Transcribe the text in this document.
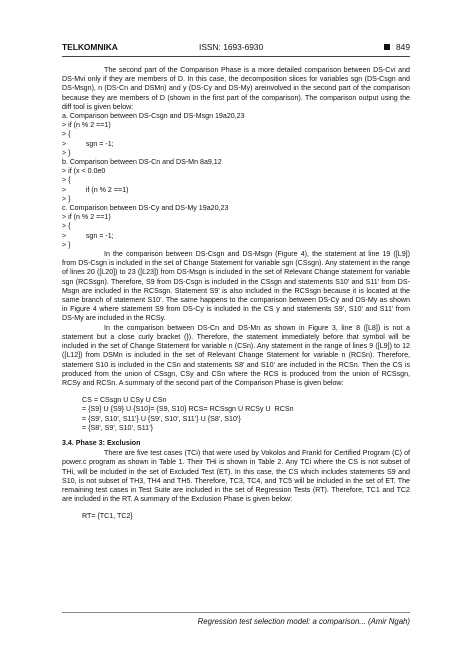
TELKOMNIKA	ISSN: 1693-6930	849

The second part of the Comparison Phase is a more detailed comparison between DS-Cvi and DS-Mvi only if they are members of D. In this case, the decomposition slices for variables sgn (DS-Csgn and DS-Msgn), n (DS-Cn and DSMn) and y (DS-Cy and DS-My) areinvolved in the second part of the comparison because they are members of D (shown in the first part of the comparison). The comparison output using the diff tool is given below:

a. Comparison between DS-Csgn and DS-Msgn 19a20,23
> if (n % 2 ==1)
> {
>          sgn = -1;
> }
b. Comparison between DS-Cn and DS-Mn 8a9,12
> if (x < 0.0e0
> {
>          if (n % 2 ==1)
> }
c. Comparison between DS-Cy and DS-My 19a20,23
> if (n % 2 ==1)
> {
>          sgn = -1;
> }

In the comparison between DS-Csgn and DS-Msgn (Figure 4), the statement at line 19 ([L9]) from DS-Csgn is included in the set of Change Statement for variable sgn (CSsgn). Any statement in the range of lines 20 ([L20]) to 23 ([L23]) from DS-Msgn is included in the set of Relevant Change statement for variable sgn (RCSsgn). Therefore, S9 from DS-Csgn is included in the CSsgn and statements S10’ and S11’ from DS-Msgn are included in the RCSsgn. Statement S9’ is also included in the RCSsgn because it is located at the same branch of statement S10’. The same happens to the comparison between DS-Cy and DS-My as shown in Figure 4 where statement S9 from DS-Cy is included in the CS y and statements S9’, S10’ and S11’ from DS-My are included in the RCSy.

In the comparison between DS-Cn and DS-Mn as shown in Figure 3, line 8 ([L8]) is not a statement but a close curly bracket (}). Therefore, the statement immediately before that symbol will be included in the set of Change Statement for variable n (CSn). Any statement in the range of lines 9 ([L9]) to 12 ([L12]) from DSMn is included in the set of Relevant Change Statement for variable n (RCSn). Therefore, statement S10 is included in the CSn and statements S8’ and S10’ are included in the RCSn. Then the CS is produced from the union of CSsgn, CSy and CSn where the RCS is produced from the union of RCSsgn, RCSy and RCSn. A summary of the second part of the Comparison Phase is given below:

CS = CSsgn U CSy U CSn
= {S9} U {S9} U {S10}= {S9, S10} RCS= RCSsgn U RCSy U  RCSn
= {S9’, S10’, S11’} U {S9’, S10’, S11’} U {S8’, S10’}
= {S8’, S9’, S10’, S11’}
3.4. Phase 3: Exclusion

There are five test cases (TCi) that were used by Vokolos and Frankl for Certified Program (C) of power.c program as shown in Table 1. Their THi is shown in Table 2. Any TCi where the CS is not subset of THi, will be included in the set of Excluded Test (ET). In this case, the CS which includes statements S9 and S10, is not subset of TH3, TH4 and TH5. Therefore, TC3, TC4, and TC5 will be included in the set of ET. The remaining test cases in Test Suite are included in the set of Regression Tests (RT). Therefore, TC1 and TC2 are included in the RT. A summary of the Exclusion Phase is given below:

RT= {TC1, TC2}
Regression test selection model: a comparison... (Amir Ngah)
